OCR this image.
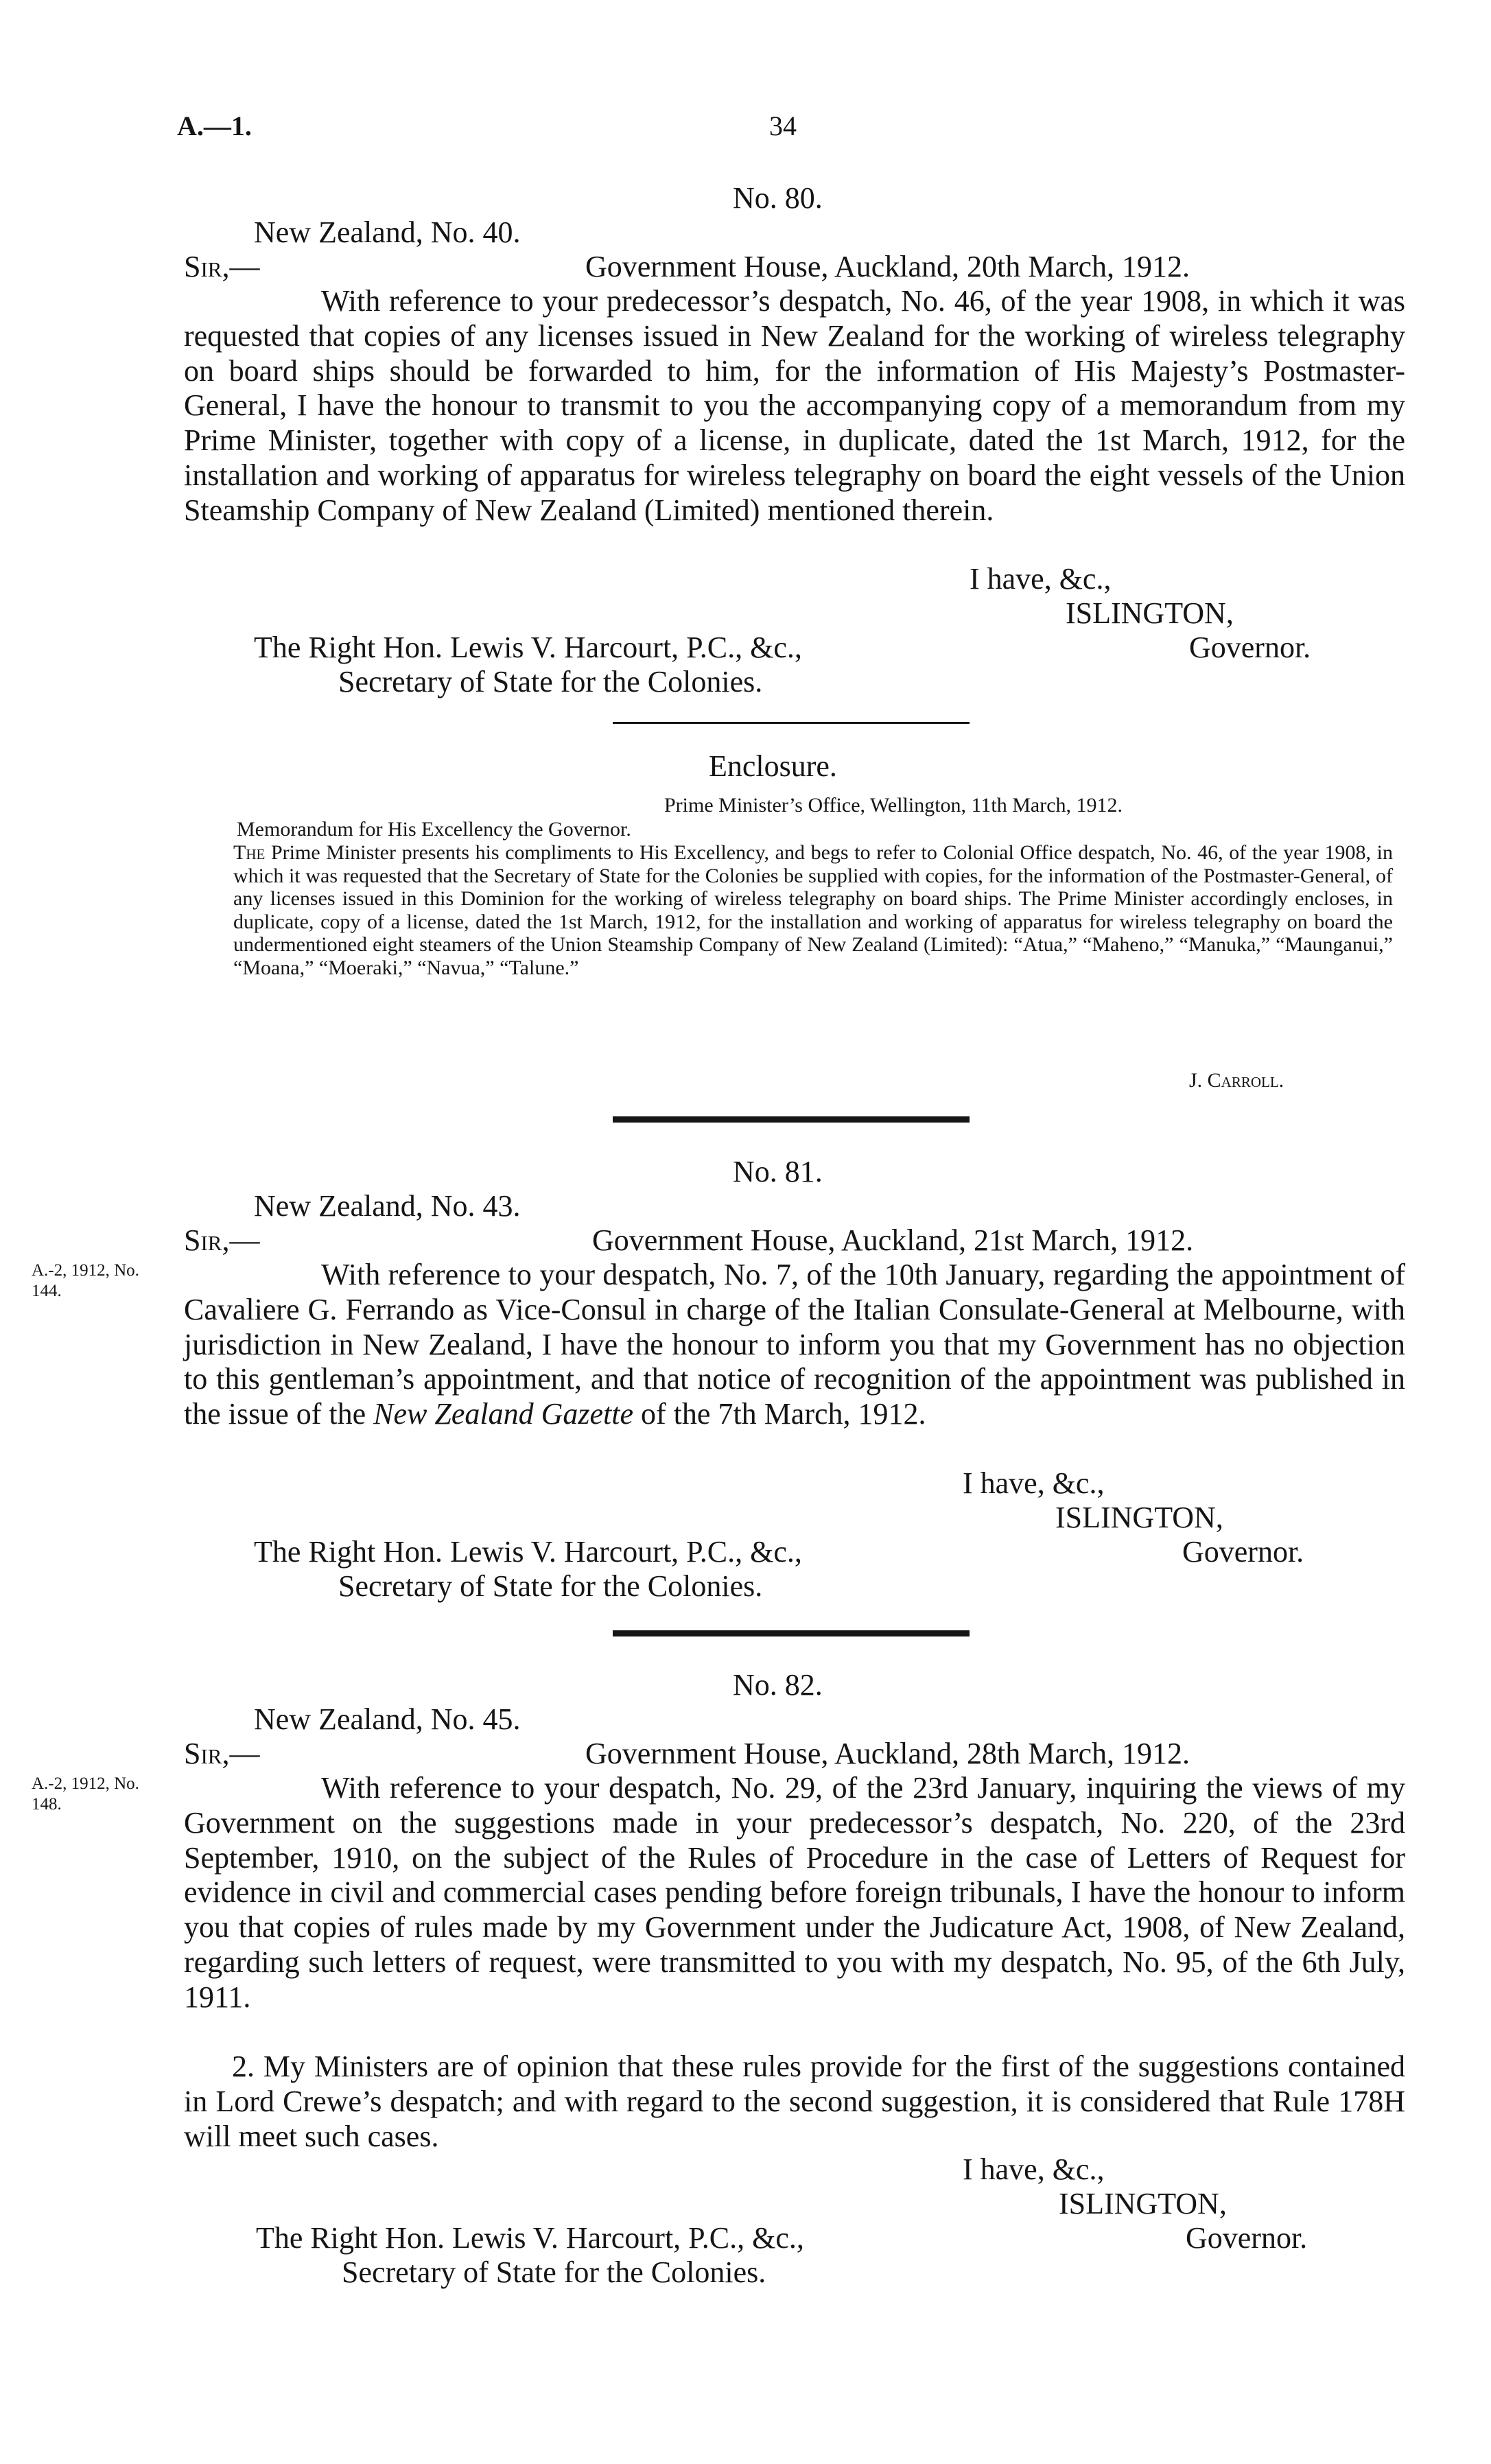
A.—1.	34
No. 80.
New Zealand, No. 40.
Sir,—	Government House, Auckland, 20th March, 1912.
With reference to your predecessor’s despatch, No. 46, of the year 1908, in which it was requested that copies of any licenses issued in New Zealand for the working of wireless telegraphy on board ships should be forwarded to him, for the information of His Majesty’s Postmaster-General, I have the honour to transmit to you the accompanying copy of a memorandum from my Prime Minister, together with copy of a license, in duplicate, dated the 1st March, 1912, for the installation and working of apparatus for wireless telegraphy on board the eight vessels of the Union Steamship Company of New Zealand (Limited) mentioned therein.
I have, &c.,
ISLINGTON,
The Right Hon. Lewis V. Harcourt, P.C., &c.,	Governor.
Secretary of State for the Colonies.
Enclosure.
Prime Minister’s Office, Wellington, 11th March, 1912.
Memorandum for His Excellency the Governor.
The Prime Minister presents his compliments to His Excellency, and begs to refer to Colonial Office despatch, No. 46, of the year 1908, in which it was requested that the Secretary of State for the Colonies be supplied with copies, for the information of the Postmaster-General, of any licenses issued in this Dominion for the working of wireless telegraphy on board ships. The Prime Minister accordingly encloses, in duplicate, copy of a license, dated the 1st March, 1912, for the installation and working of apparatus for wireless telegraphy on board the undermentioned eight steamers of the Union Steamship Company of New Zealand (Limited): “Atua,” “Maheno,” “Manuka,” “Maunganui,” “Moana,” “Moeraki,” “Navua,” “Talune.”
J. Carroll.
No. 81.
New Zealand, No. 43.
Sir,—	Government House, Auckland, 21st March, 1912.
A.-2, 1912, No. 144.	With reference to your despatch, No. 7, of the 10th January, regarding the appointment of Cavaliere G. Ferrando as Vice-Consul in charge of the Italian Consulate-General at Melbourne, with jurisdiction in New Zealand, I have the honour to inform you that my Government has no objection to this gentleman’s appointment, and that notice of recognition of the appointment was published in the issue of the New Zealand Gazette of the 7th March, 1912.
I have, &c.,
ISLINGTON,
The Right Hon. Lewis V. Harcourt, P.C., &c.,	Governor.
Secretary of State for the Colonies.
No. 82.
New Zealand, No. 45.
Sir,—	Government House, Auckland, 28th March, 1912.
A.-2, 1912, No. 148.	With reference to your despatch, No. 29, of the 23rd January, inquiring the views of my Government on the suggestions made in your predecessor’s despatch, No. 220, of the 23rd September, 1910, on the subject of the Rules of Procedure in the case of Letters of Request for evidence in civil and commercial cases pending before foreign tribunals, I have the honour to inform you that copies of rules made by my Government under the Judicature Act, 1908, of New Zealand, regarding such letters of request, were transmitted to you with my despatch, No. 95, of the 6th July, 1911.
2. My Ministers are of opinion that these rules provide for the first of the suggestions contained in Lord Crewe’s despatch; and with regard to the second suggestion, it is considered that Rule 178H will meet such cases.
I have, &c.,
ISLINGTON,
The Right Hon. Lewis V. Harcourt, P.C., &c.,	Governor.
Secretary of State for the Colonies.
